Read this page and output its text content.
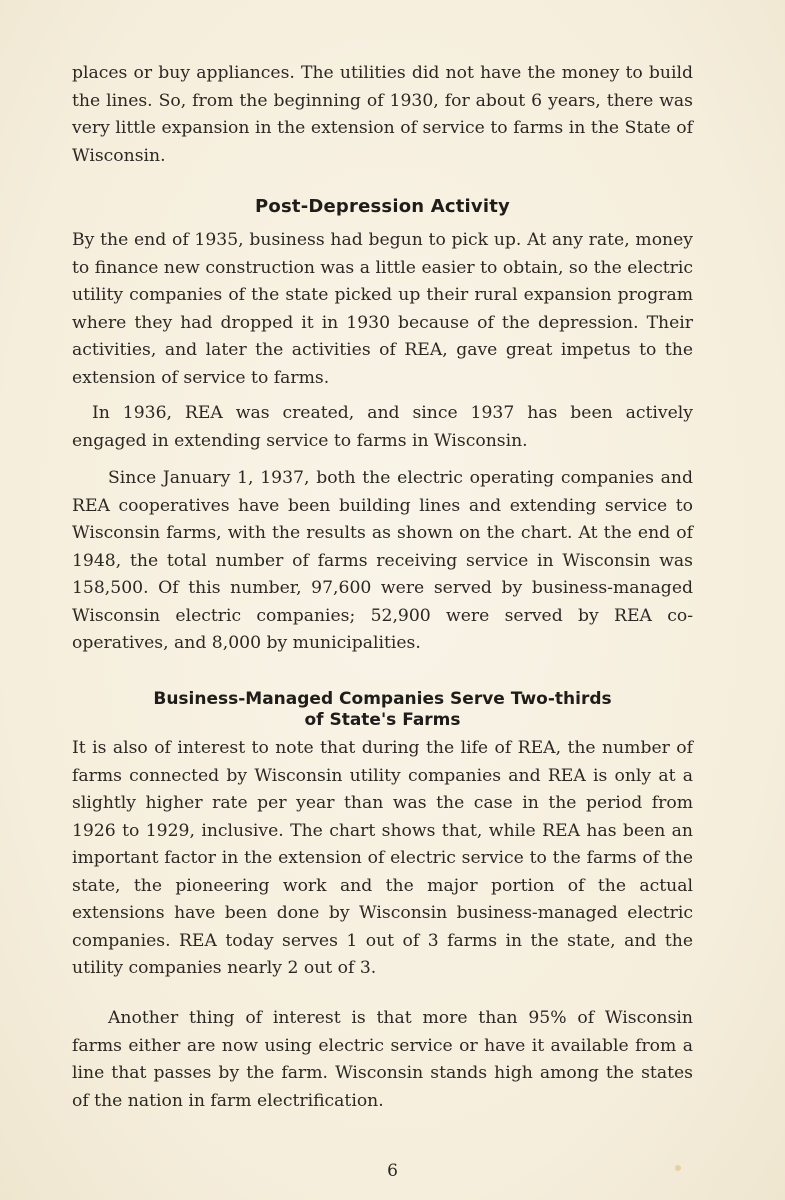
places or buy appliances. The utilities did not have the money to build the lines. So, from the beginning of 1930, for about 6 years, there was very little expansion in the extension of service to farms in the State of Wisconsin.

Post-Depression Activity

By the end of 1935, business had begun to pick up. At any rate, money to finance new construction was a little easier to obtain, so the electric utility companies of the state picked up their rural expansion program where they had dropped it in 1930 because of the depression. Their activities, and later the activities of REA, gave great impetus to the extension of service to farms.

In 1936, REA was created, and since 1937 has been actively engaged in extending service to farms in Wisconsin.

Since January 1, 1937, both the electric operating companies and REA cooperatives have been building lines and extending service to Wisconsin farms, with the results as shown on the chart. At the end of 1948, the total number of farms receiving service in Wisconsin was 158,500. Of this number, 97,600 were served by business-managed Wisconsin electric companies; 52,900 were served by REA co-operatives, and 8,000 by municipalities.

Business-Managed Companies Serve Two-thirds
of State's Farms

It is also of interest to note that during the life of REA, the number of farms connected by Wisconsin utility companies and REA is only at a slightly higher rate per year than was the case in the period from 1926 to 1929, inclusive. The chart shows that, while REA has been an important factor in the extension of electric service to the farms of the state, the pioneering work and the major portion of the actual extensions have been done by Wisconsin business-managed electric companies. REA today serves 1 out of 3 farms in the state, and the utility companies nearly 2 out of 3.

Another thing of interest is that more than 95% of Wisconsin farms either are now using electric service or have it available from a line that passes by the farm. Wisconsin stands high among the states of the nation in farm electrification.

6
